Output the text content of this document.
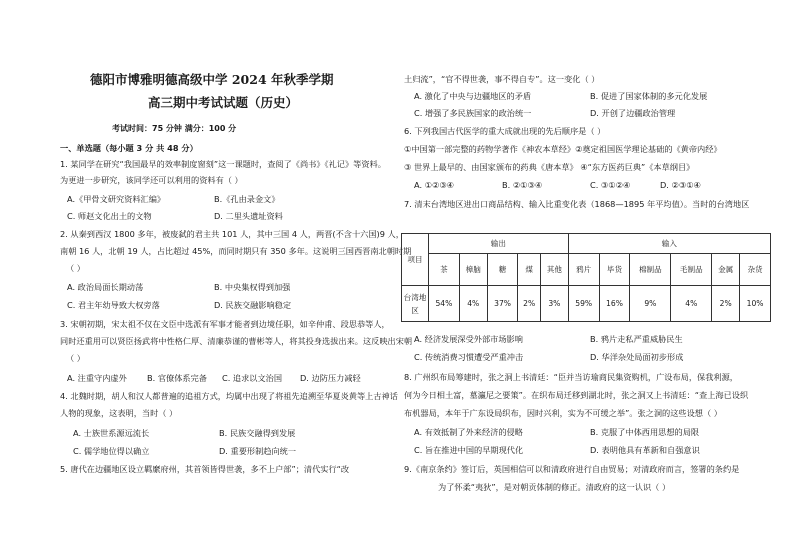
德阳市博雅明德高级中学 2024 年秋季学期
高三期中考试试题（历史）
考试时间：75 分钟 满分：100 分
一、单选题（每小题 3 分 共 48 分）
1. 某同学在研究“我国最早的效率制度窗刻”这一课题时，查阅了《尚书》《礼记》等资料。
为更进一步研究，该同学还可以利用的资料有（ ）
A.《甲骨文研究资料汇编》	B.《孔由录金文》
C. 师赵文化出土的文物	D. 二里头遗址资料
2. 从秦到西汉 1800 多年，被废弑的君主共 101 人，其中三国 4 人，两晋(不含十六国)9 人，
南朝 16 人，北朝 19 人，占比超过 45%，而同时期只有 350 多年。这说明三国西晋南北朝时期
（ ）
A. 政治局面长期动荡	B. 中央集权得到加强
C. 君主年幼导致大权旁落	D. 民族交融影响稳定
3. 宋朝初期，宋太祖不仅在文臣中选派有军事才能者到边境任职，如辛仲甫、段思恭等人，
同时还重用可以贤臣扬武将中性格仁厚、清廉恭谨的曹彬等人，将其投身选拔出来。这反映出宋朝
（ ）
A. 注重守内虚外 B. 官僚体系完备 C. 追求以文治国 D. 边防压力减轻
4. 北魏时期，胡人和汉人都普遍的追祖方式，均属中出现了将祖先追溯至华夏炎黄等上古神话
人物的现象，这表明，当时（ ）
A. 士族世系源远流长	B. 民族交融得到发展
C. 儒学地位得以确立	D. 重要形制趋向统一
5. 唐代在边疆地区设立羁縻府州，其首领皆得世袭，多不上户部”；清代实行“改
土归流”，“官不得世袭，事不得自专”。这一变化（ ）
A. 激化了中央与边疆地区的矛盾	B. 促进了国家体制的多元化发展
C. 增强了多民族国家的政治统一	D. 开创了边疆政治管理
6. 下列我国古代医学的重大成就出现的先后顺序是（ ）
①中国第一部完整的药物学著作《神农本草经》②奠定祖国医学理论基础的《黄帝内经》
③ 世界上最早的、由国家颁布的药典《唐本草》 ④“东方医药巨典”《本草纲目》
A. ①②③④	B. ②①③④	C. ③①②④	D. ②③①④
7. 清末台湾地区进出口商品结构、输入比重变化表（1868—1895 年平均值）。当时的台湾地区
项目	输出					输入					
	茶	樟脑	糖	煤	其他	鸦片	毕货	棉制品	毛制品	金属	杂货
台湾地区	54%	4%	37%	2%	3%	59%	16%	9%	4%	2%	10%
A. 经济发展深受外部市场影响	B. 鸦片走私严重威胁民生
C. 传统消费习惯遭受严重冲击	D. 华洋杂处局面初步形成
8. 广州织布局筹建时，张之洞上书清廷：“臣并当访瑜商民集资购机，广设布局，保我利源，
何为今日相土富，墓瀛尼之要策”。在织布局迁移到湖北时，张之洞又上书清廷：“查上海已设织
布机器局，本年于广东设局织布，因时兴利，实为不可缓之举”。张之洞的这些设想（ ）
A. 有效抵制了外来经济的侵略	B. 克服了中体西用思想的局限
C. 旨在推进中国的早期现代化	D. 表明他具有革新和自强意识
9.《南京条约》签订后，英国相信可以和清政府进行自由贸易；对清政府而言，签署的条约是
为了怀柔“夷狄”，是对朝贡体制的修正。清政府的这一认识（ ）
